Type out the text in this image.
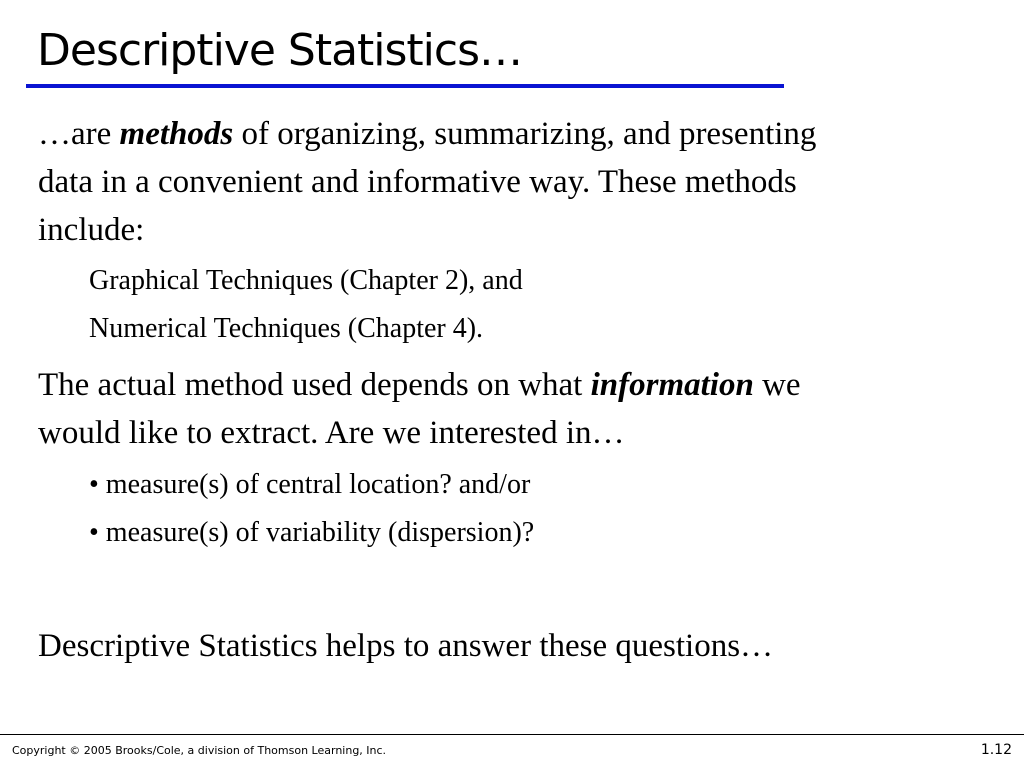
Descriptive Statistics…
…are methods of organizing, summarizing, and presenting
data in a convenient and informative way. These methods
include:
Graphical Techniques (Chapter 2), and
Numerical Techniques (Chapter 4).
The actual method used depends on what information we
would like to extract. Are we interested in…
• measure(s) of central location? and/or
• measure(s) of variability (dispersion)?
Descriptive Statistics helps to answer these questions…
Copyright © 2005 Brooks/Cole, a division of Thomson Learning, Inc.	1.12
